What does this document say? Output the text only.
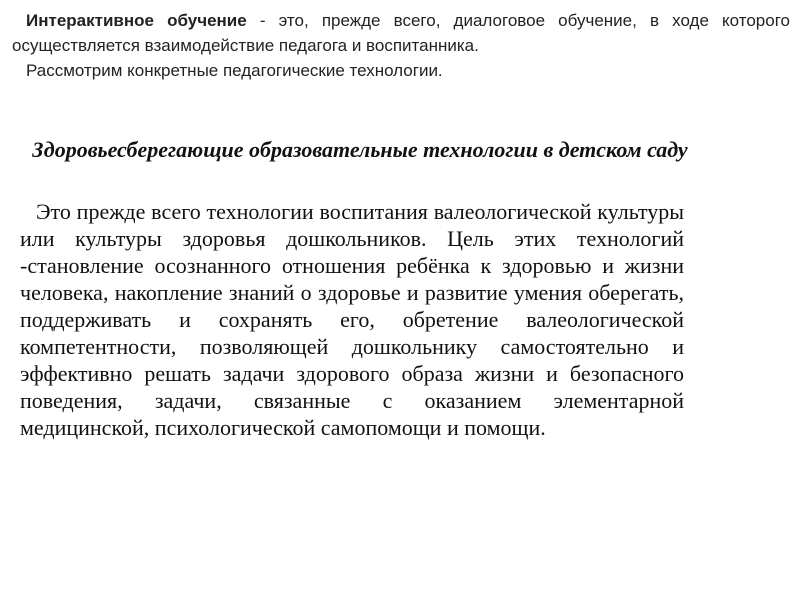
Интерактивное обучение - это, прежде всего, диалоговое обучение, в ходе которого осуществляется взаимодействие педагога и воспитанника.

Рассмотрим конкретные педагогические технологии.

Здоровьесберегающие образовательные технологии в детском саду

Это прежде всего технологии воспитания валеологической культуры или культуры здоровья дошкольников. Цель этих технологий -становление осознанного отношения ребёнка к здоровью и жизни человека, накопление знаний о здоровье и развитие умения оберегать, поддерживать и сохранять его, обретение валеологической компетентности, позволяющей дошкольнику самостоятельно и эффективно решать задачи здорового образа жизни и безопасного поведения, задачи, связанные с оказанием элементарной медицинской, психологической самопомощи и помощи.
